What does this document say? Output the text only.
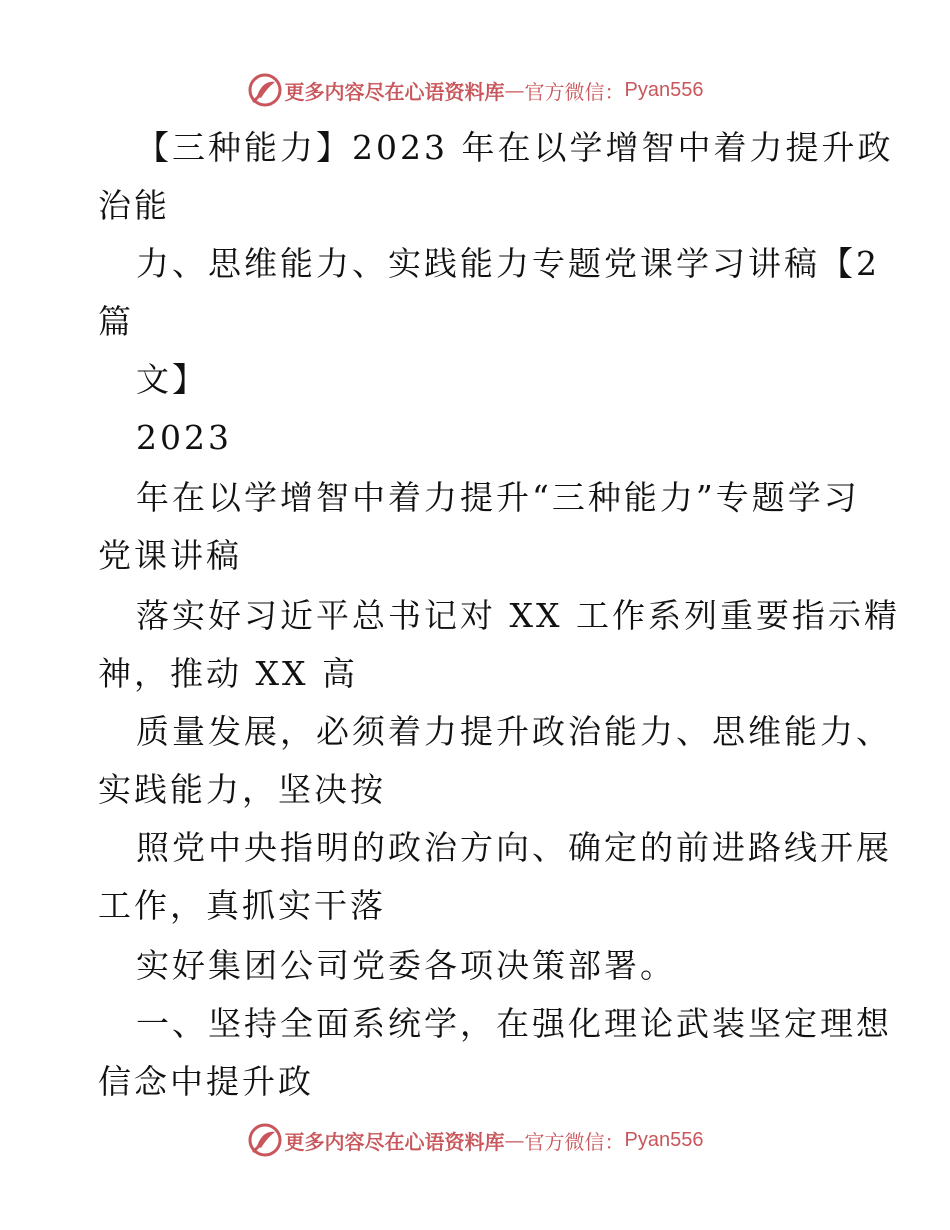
更多内容尽在心语资料库 — 官方微信： Pyan556
【三种能力】2023 年在以学增智中着力提升政
治能
力、思维能力、实践能力专题党课学习讲稿【2
篇
文】
2023
年在以学增智中着力提升“三种能力”专题学习
党课讲稿
落实好习近平总书记对 XX 工作系列重要指示精
神，推动 XX 高
质量发展，必须着力提升政治能力、思维能力、
实践能力，坚决按
照党中央指明的政治方向、确定的前进路线开展
工作，真抓实干落
实好集团公司党委各项决策部署。
一、坚持全面系统学，在强化理论武装坚定理想
信念中提升政
更多内容尽在心语资料库 — 官方微信： Pyan556
